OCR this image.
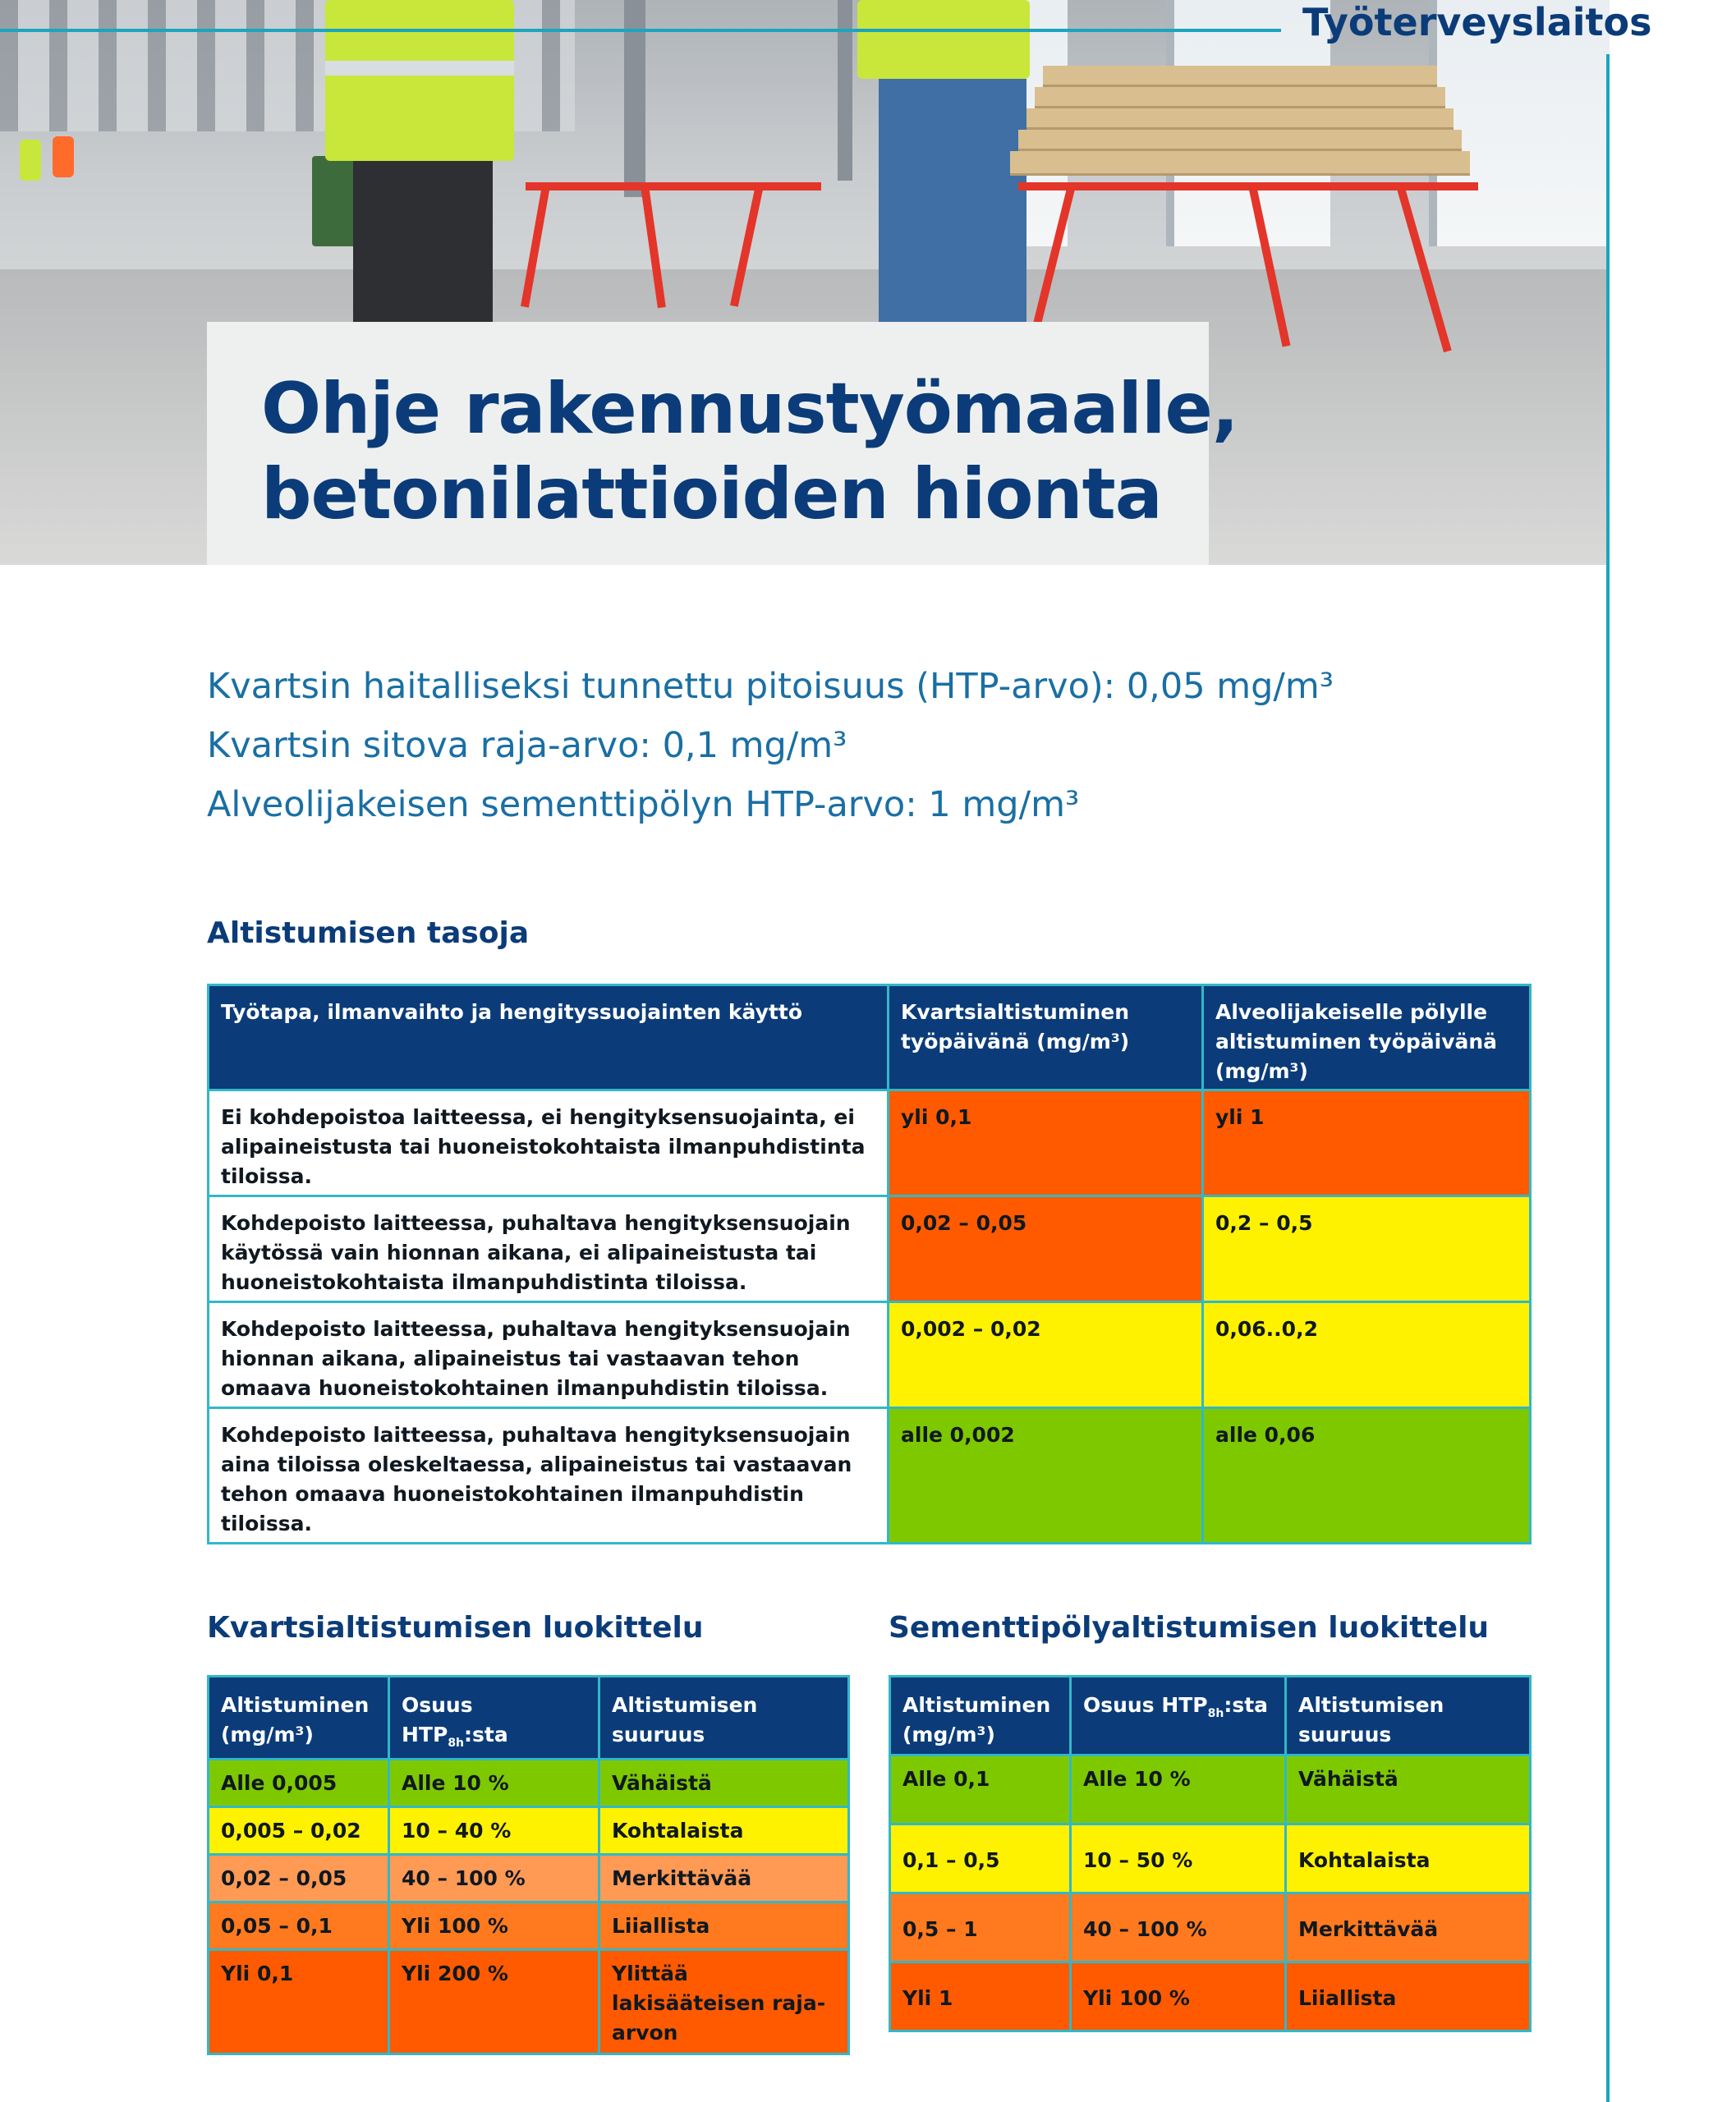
Työterveyslaitos
Ohje rakennustyömaalle,
betonilattioiden hionta

Kvartsin haitalliseksi tunnettu pitoisuus (HTP-arvo): 0,05 mg/m³

Kvartsin sitova raja-arvo: 0,1 mg/m³

Alveolijakeisen sementtipölyn HTP-arvo: 1 mg/m³

Altistumisen tasoja
Työtapa, ilmanvaihto ja hengityssuojainten käyttö	Kvartsialtistuminen työpäivänä (mg/m³)	Alveolijakeiselle pölylle altistuminen työpäivänä (mg/m³)
Ei kohdepoistoa laitteessa, ei hengityksensuojainta, ei alipaineistusta tai huoneistokohtaista ilmanpuhdistinta tiloissa.	yli 0,1	yli 1
Kohdepoisto laitteessa, puhaltava hengityksensuojain käytössä vain hionnan aikana, ei alipaineistusta tai huoneistokohtaista ilmanpuhdistinta tiloissa.	0,02 – 0,05	0,2 – 0,5
Kohdepoisto laitteessa, puhaltava hengityksensuojain hionnan aikana, alipaineistus tai vastaavan tehon omaava huoneistokohtainen ilmanpuhdistin tiloissa.	0,002 – 0,02	0,06..0,2
Kohdepoisto laitteessa, puhaltava hengityksensuojain aina tiloissa oleskeltaessa, alipaineistus tai vastaavan tehon omaava huoneistokohtainen ilmanpuhdistin tiloissa.	alle 0,002	alle 0,06
Kvartsialtistumisen luokittelu
Altistuminen (mg/m³)	Osuus $HTP_{8h}:sta$	Altistumisen suuruus
Alle 0,005	Alle 10 %	Vähäistä
0,005 – 0,02	10 – 40 %	Kohtalaista
0,02 – 0,05	40 – 100 %	Merkittävää
0,05 – 0,1	Yli 100 %	Liiallista
Yli 0,1	Yli 200 %	Ylittää lakisääteisen raja-arvon
Sementtipölyaltistumisen luokittelu
Altistuminen (mg/m³)	Osuus $HTP_{8h}:sta$	Altistumisen suuruus
Alle 0,1	Alle 10 %	Vähäistä
0,1 – 0,5	10 – 50 %	Kohtalaista
0,5 – 1	40 – 100 %	Merkittävää
Yli 1	Yli 100 %	Liiallista
